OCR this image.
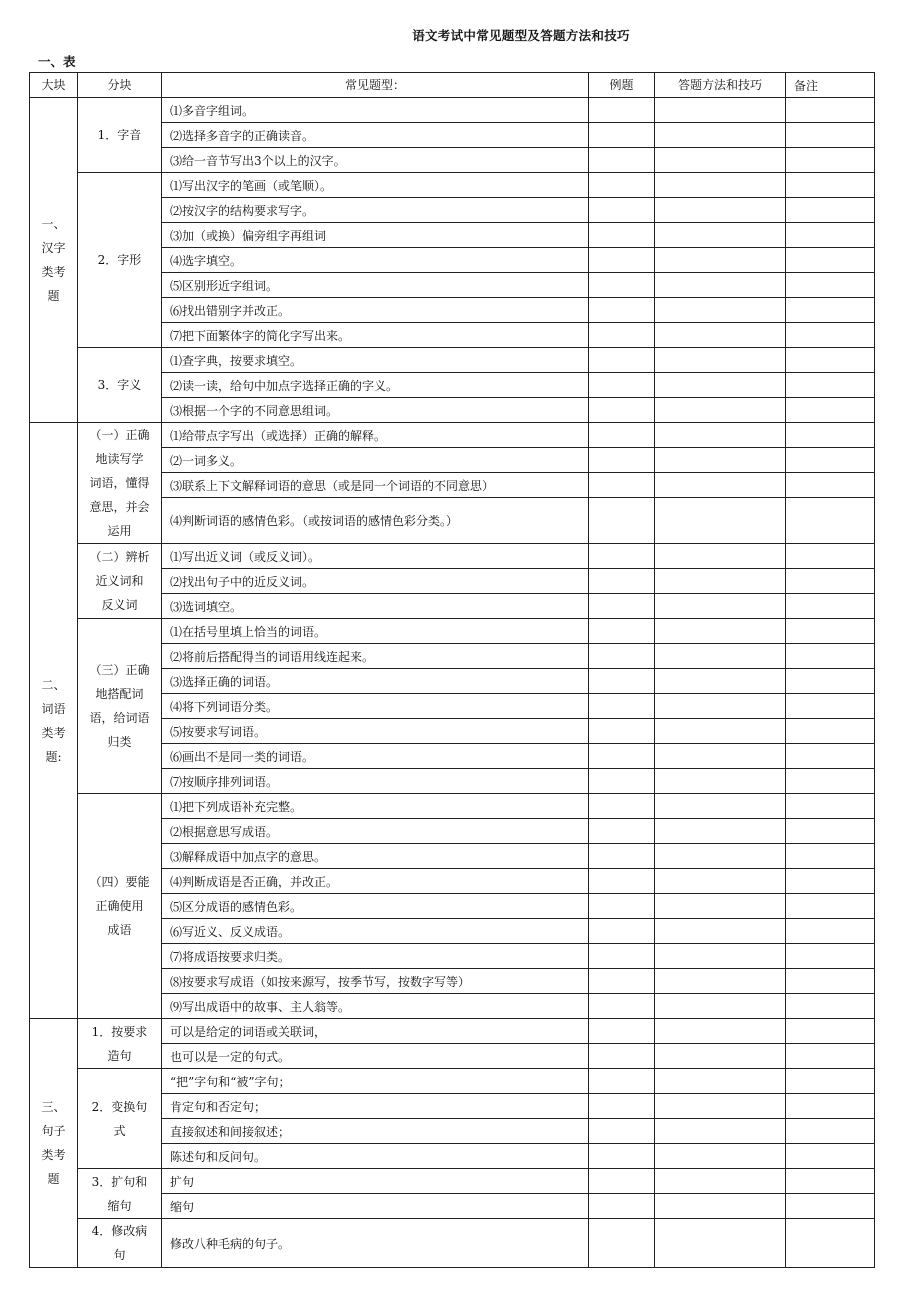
语文考试中常见题型及答题方法和技巧
一、表
大块	分块	常见题型：	例题	答题方法和技巧	备注

一、
汉字
类考
题	1．字音	⑴多音字组词。			
		⑵选择多音字的正确读音。			
		⑶给一音节写出3个以上的汉字。			

	2．字形	⑴写出汉字的笔画（或笔顺）。			
		⑵按汉字的结构要求写字。			
		⑶加（或换）偏旁组字再组词			
		⑷选字填空。			
		⑸区别形近字组词。			
		⑹找出错别字并改正。			
		⑺把下面繁体字的简化字写出来。			

	3．字义	⑴查字典，按要求填空。			
		⑵读一读，给句中加点字选择正确的字义。			
		⑶根据一个字的不同意思组词。			

二、
词语
类考
题:	（一）正确
地读写学
词语，懂得
意思，并会
运用	⑴给带点字写出（或选择）正确的解释。			
		⑵一词多义。			
		⑶联系上下文解释词语的意思（或是同一个词语的不同意思）			
		⑷判断词语的感情色彩。（或按词语的感情色彩分类。）			

	（二）辨析
近义词和
反义词	⑴写出近义词（或反义词）。			
		⑵找出句子中的近反义词。			
		⑶选词填空。			

	（三）正确
地搭配词
语，给词语
归类	⑴在括号里填上恰当的词语。			
		⑵将前后搭配得当的词语用线连起来。			
		⑶选择正确的词语。			
		⑷将下列词语分类。			
		⑸按要求写词语。			
		⑹画出不是同一类的词语。			
		⑺按顺序排列词语。			

	（四）要能
正确使用
成语	⑴把下列成语补充完整。			
		⑵根据意思写成语。			
		⑶解释成语中加点字的意思。			
		⑷判断成语是否正确，并改正。			
		⑸区分成语的感情色彩。			
		⑹写近义、反义成语。			
		⑺将成语按要求归类。			
		⑻按要求写成语（如按来源写，按季节写，按数字写等）			
		⑼写出成语中的故事、主人翁等。			

三、
句子
类考
题	1．按要求
造句	可以是给定的词语或关联词，			
		也可以是一定的句式。			

	2．变换句
式	“把”字句和“被”字句；			
		肯定句和否定句；			
		直接叙述和间接叙述；			
		陈述句和反问句。			

	3．扩句和
缩句	扩句			
		缩句			

	4．修改病
句	修改八种毛病的句子。			
